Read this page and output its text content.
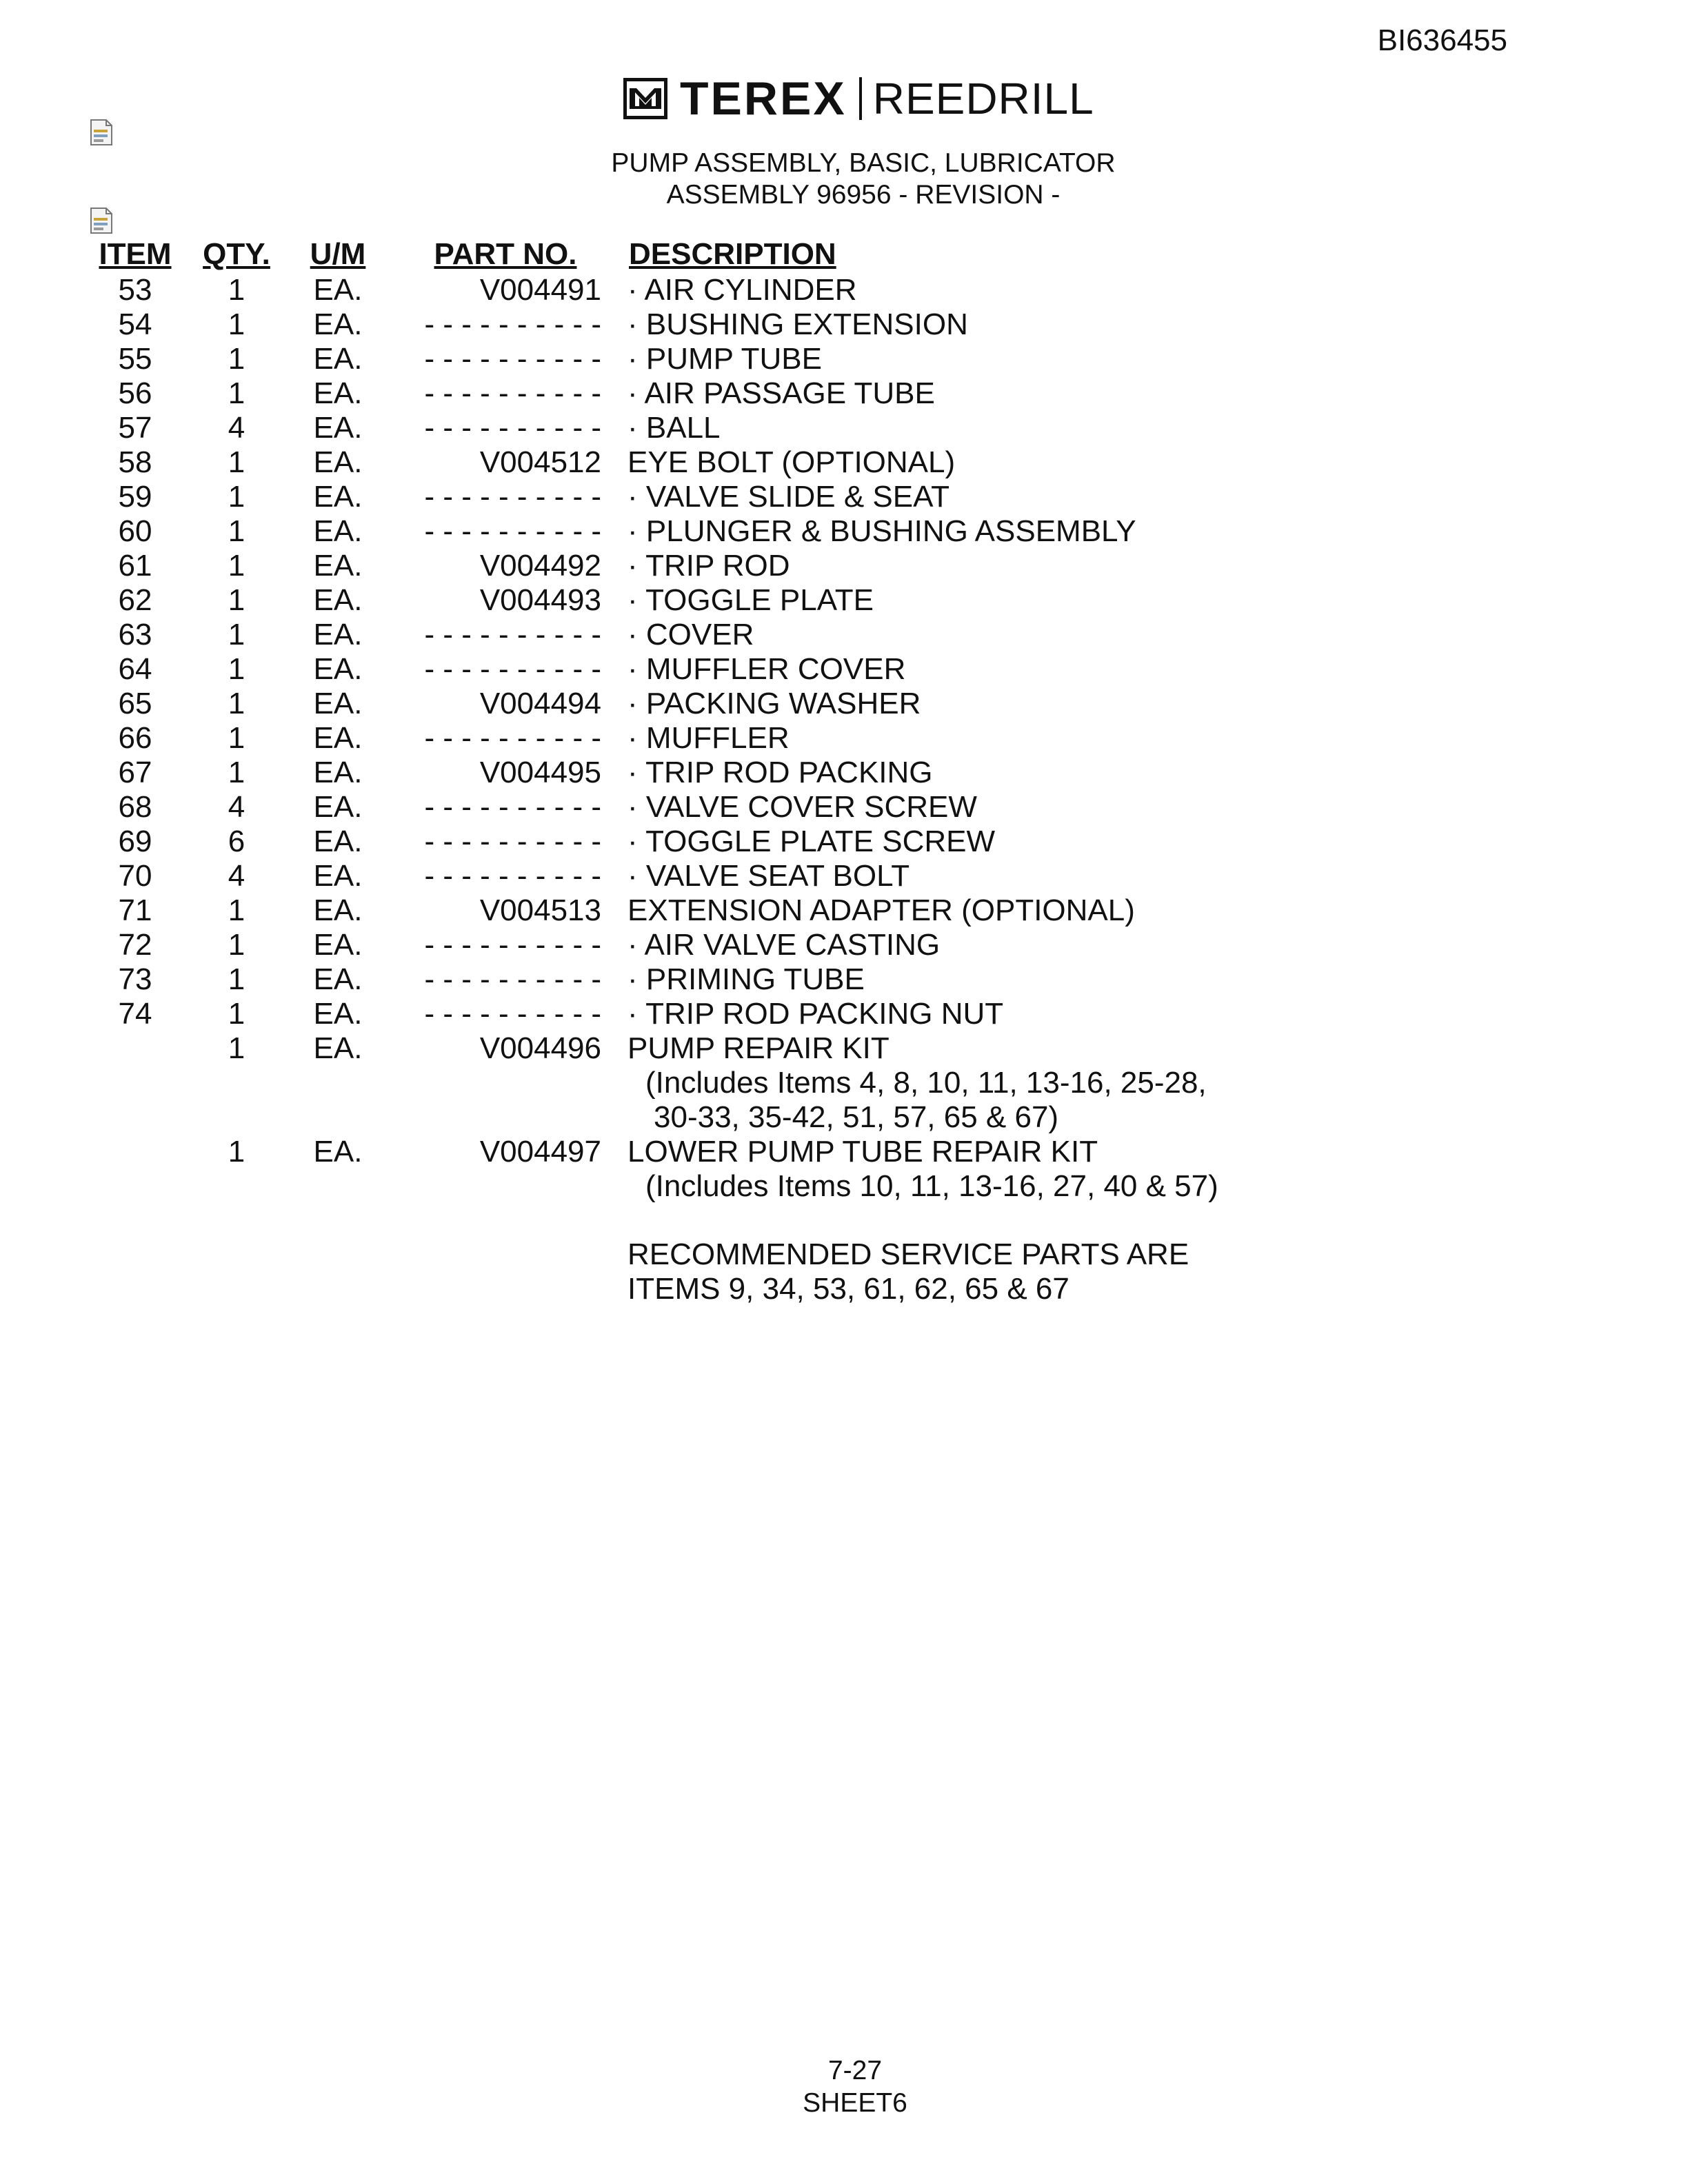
BI636455
TEREX REEDRILL
PUMP ASSEMBLY, BASIC, LUBRICATOR
ASSEMBLY 96956 - REVISION -
ITEM	QTY.	U/M	PART NO.	DESCRIPTION
53	1	EA.	V004491	· AIR CYLINDER
54	1	EA.	- - - - - - - - - -	· BUSHING EXTENSION
55	1	EA.	- - - - - - - - - -	· PUMP TUBE
56	1	EA.	- - - - - - - - - -	· AIR PASSAGE TUBE
57	4	EA.	- - - - - - - - - -	· BALL
58	1	EA.	V004512	EYE BOLT (OPTIONAL)
59	1	EA.	- - - - - - - - - -	· VALVE SLIDE & SEAT
60	1	EA.	- - - - - - - - - -	· PLUNGER & BUSHING ASSEMBLY
61	1	EA.	V004492	· TRIP ROD
62	1	EA.	V004493	· TOGGLE PLATE
63	1	EA.	- - - - - - - - - -	· COVER
64	1	EA.	- - - - - - - - - -	· MUFFLER COVER
65	1	EA.	V004494	· PACKING WASHER
66	1	EA.	- - - - - - - - - -	· MUFFLER
67	1	EA.	V004495	· TRIP ROD PACKING
68	4	EA.	- - - - - - - - - -	· VALVE COVER SCREW
69	6	EA.	- - - - - - - - - -	· TOGGLE PLATE SCREW
70	4	EA.	- - - - - - - - - -	· VALVE SEAT BOLT
71	1	EA.	V004513	EXTENSION ADAPTER (OPTIONAL)
72	1	EA.	- - - - - - - - - -	· AIR VALVE CASTING
73	1	EA.	- - - - - - - - - -	· PRIMING TUBE
74	1	EA.	- - - - - - - - - -	· TRIP ROD PACKING NUT
	1	EA.	V004496	PUMP REPAIR KIT
				(Includes Items 4, 8, 10, 11, 13-16, 25-28,
				30-33, 35-42, 51, 57, 65 & 67)
	1	EA.	V004497	LOWER PUMP TUBE REPAIR KIT
				(Includes Items 10, 11, 13-16, 27, 40 & 57)

				RECOMMENDED SERVICE PARTS ARE
				ITEMS 9, 34, 53, 61, 62, 65 & 67
7-27
SHEET6
